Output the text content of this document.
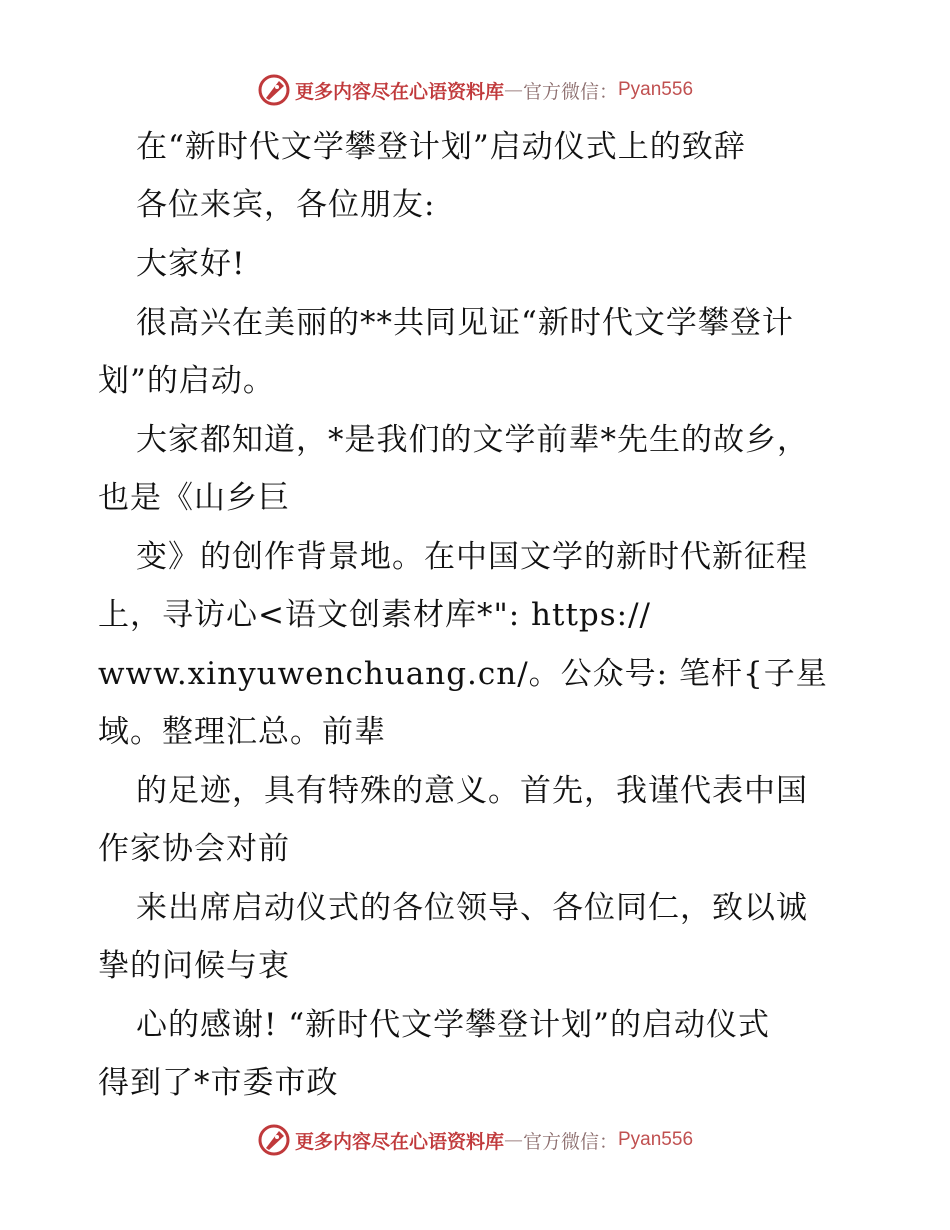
更多内容尽在心语资料库 — 官方微信： Pyan556
在“新时代文学攀登计划”启动仪式上的致辞
各位来宾，各位朋友:
大家好!
很高兴在美丽的**共同见证“新时代文学攀登计
划”的启动。
大家都知道，*是我们的文学前辈*先生的故乡，
也是《山乡巨
变》的创作背景地。在中国文学的新时代新征程
上，寻访心<语文创素材库*": https://
www.xinyuwenchuang.cn/。公众号: 笔杆{子星
域。整理汇总。前辈
的足迹，具有特殊的意义。首先，我谨代表中国
作家协会对前
来出席启动仪式的各位领导、各位同仁，致以诚
挚的问候与衷
心的感谢! “新时代文学攀登计划”的启动仪式
得到了*市委市政
更多内容尽在心语资料库 — 官方微信： Pyan556
